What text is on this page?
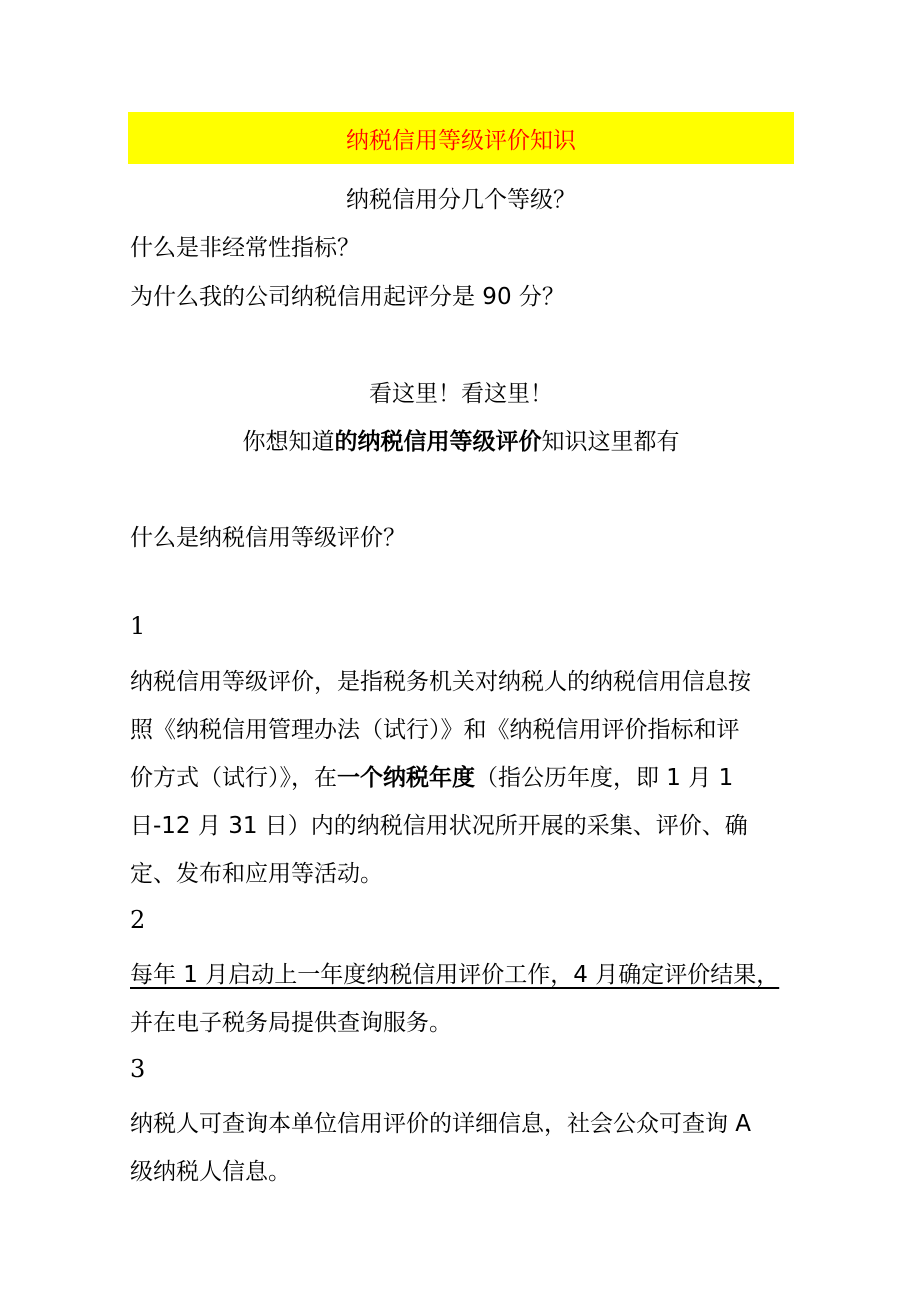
纳税信用等级评价知识
纳税信用分几个等级？
什么是非经常性指标？
为什么我的公司纳税信用起评分是 90 分？
看这里！看这里！
你想知道的纳税信用等级评价知识这里都有
什么是纳税信用等级评价？
1
纳税信用等级评价，是指税务机关对纳税人的纳税信用信息按
照《纳税信用管理办法（试行）》和《纳税信用评价指标和评
价方式（试行）》，在一个纳税年度（指公历年度，即 1 月 1
日-12 月 31 日）内的纳税信用状况所开展的采集、评价、确
定、发布和应用等活动。
2
每年 1 月启动上一年度纳税信用评价工作，4 月确定评价结果，
并在电子税务局提供查询服务。
3
纳税人可查询本单位信用评价的详细信息，社会公众可查询 A
级纳税人信息。
